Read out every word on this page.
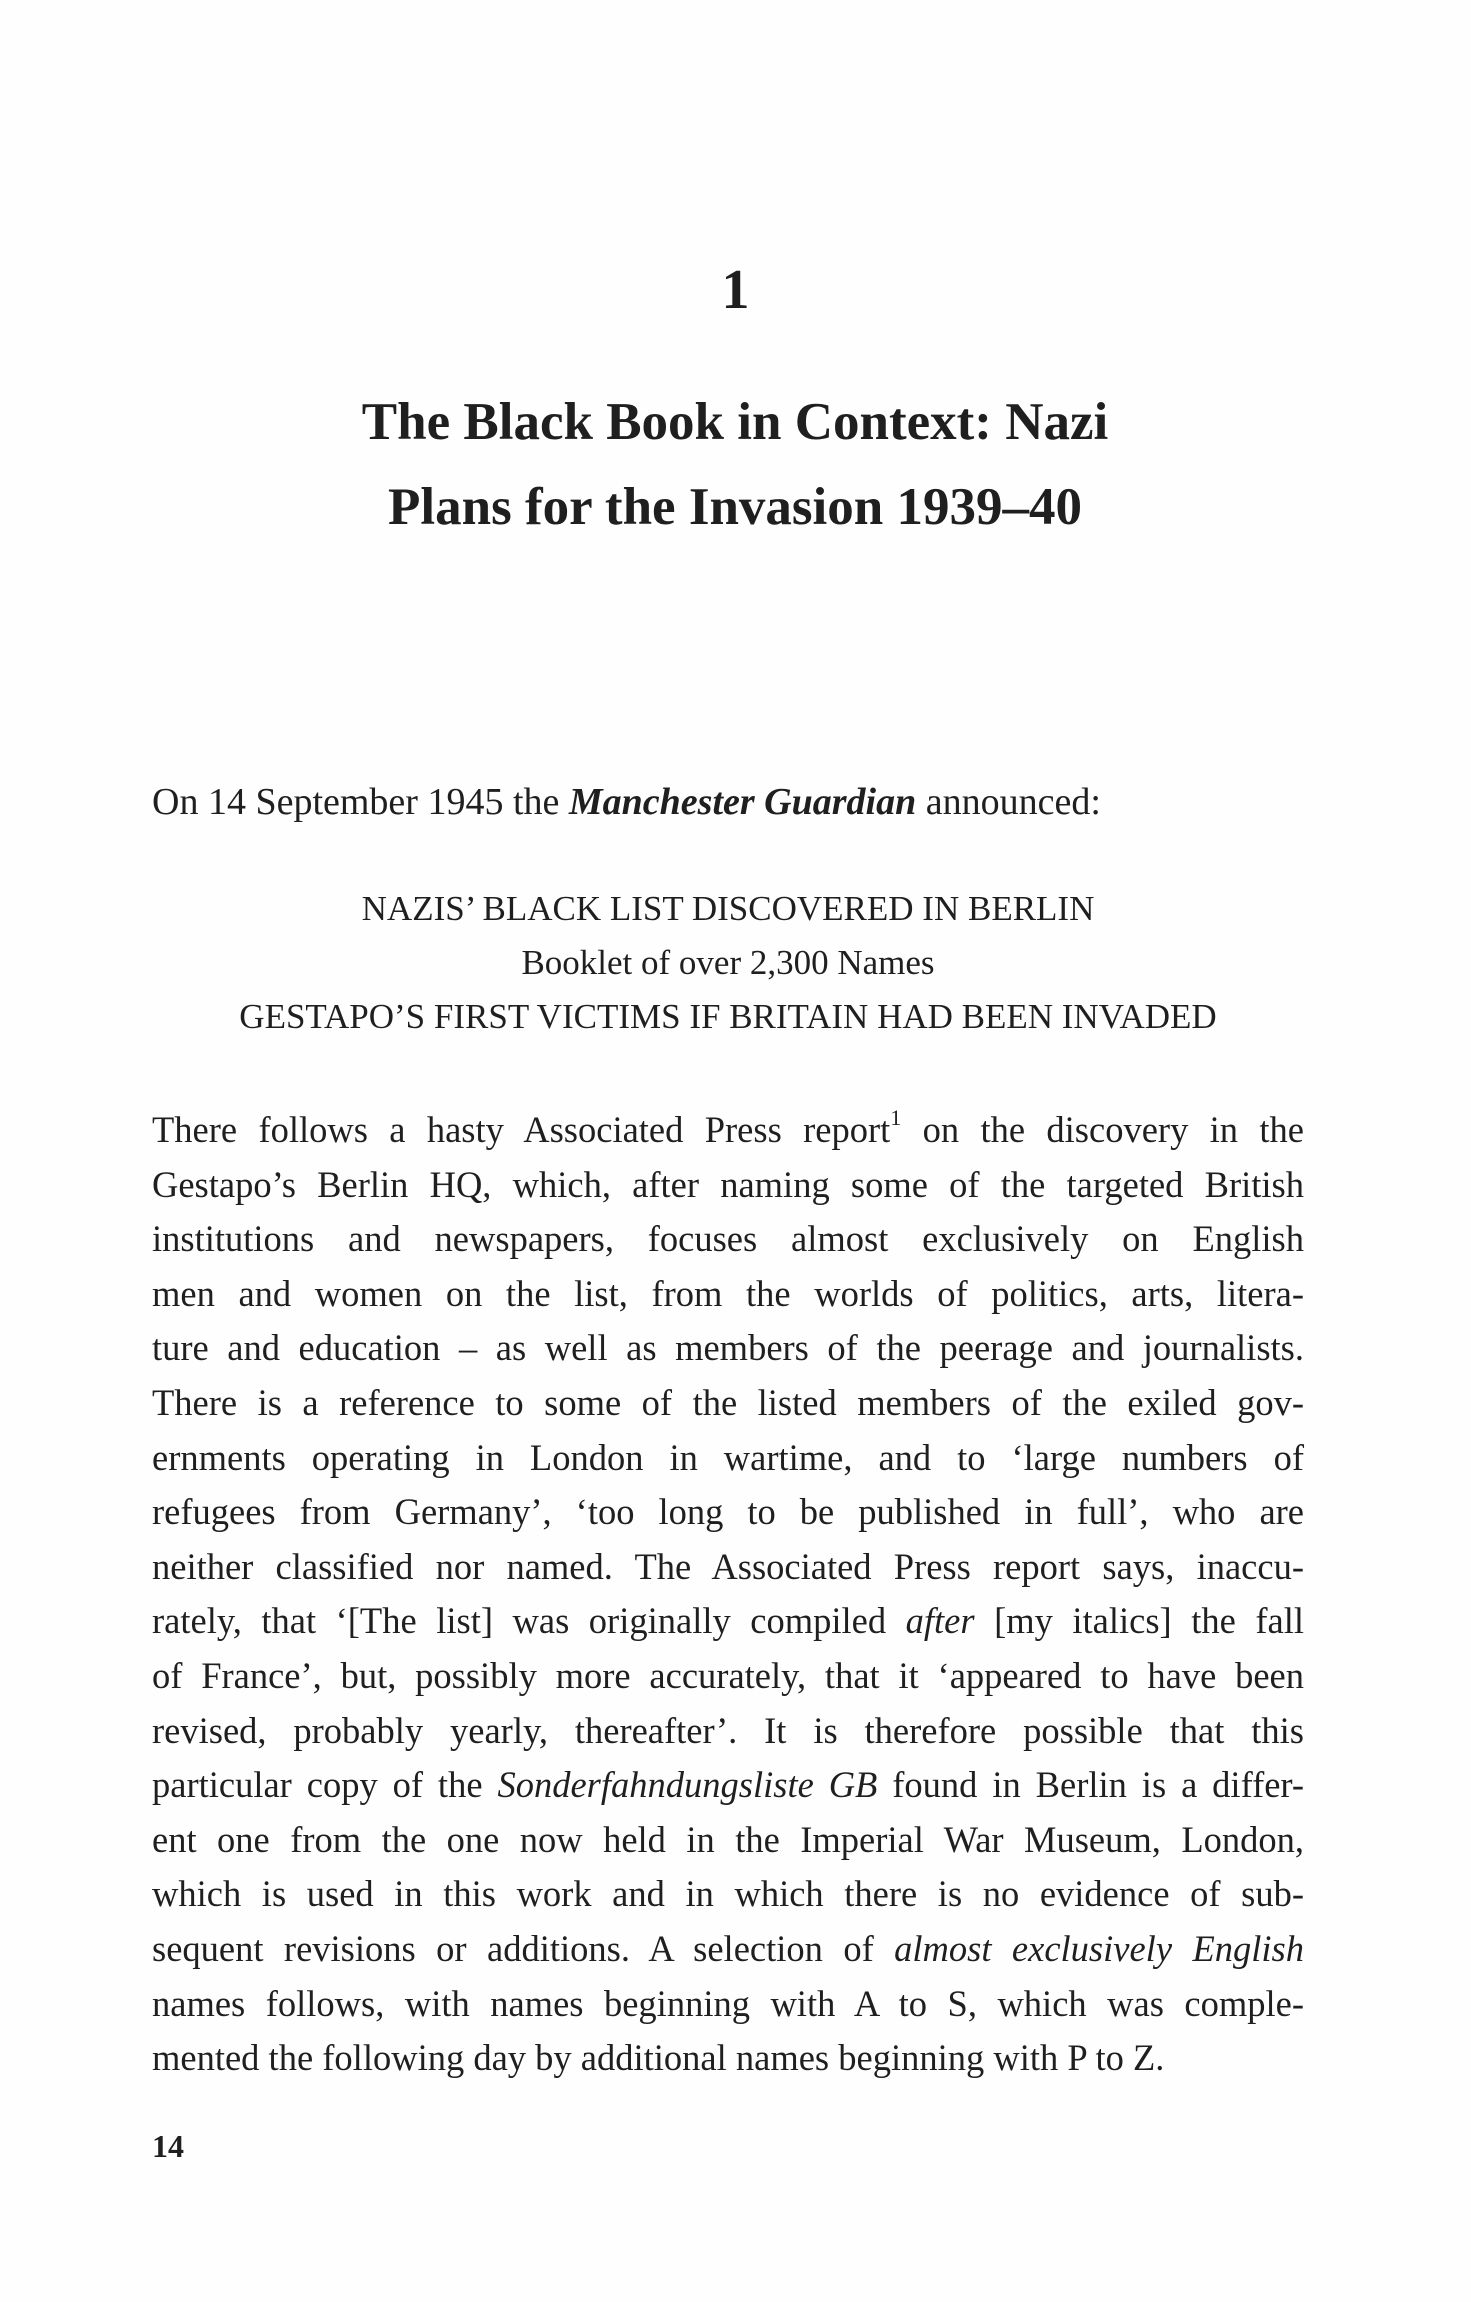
1
The Black Book in Context: Nazi
Plans for the Invasion 1939–40
On 14 September 1945 the Manchester Guardian announced:
NAZIS’ BLACK LIST DISCOVERED IN BERLIN
Booklet of over 2,300 Names
GESTAPO’S FIRST VICTIMS IF BRITAIN HAD BEEN INVADED
There follows a hasty Associated Press report$^1$ on the discovery in the
Gestapo’s Berlin HQ, which, after naming some of the targeted British
institutions and newspapers, focuses almost exclusively on English
men and women on the list, from the worlds of politics, arts, litera-
ture and education – as well as members of the peerage and journalists.
There is a reference to some of the listed members of the exiled gov-
ernments operating in London in wartime, and to ‘large numbers of
refugees from Germany’, ‘too long to be published in full’, who are
neither classified nor named. The Associated Press report says, inaccu-
rately, that ‘[The list] was originally compiled after [my italics] the fall
of France’, but, possibly more accurately, that it ‘appeared to have been
revised, probably yearly, thereafter’. It is therefore possible that this
particular copy of the Sonderfahndungsliste GB found in Berlin is a differ-
ent one from the one now held in the Imperial War Museum, London,
which is used in this work and in which there is no evidence of sub-
sequent revisions or additions. A selection of almost exclusively English
names follows, with names beginning with A to S, which was comple-
mented the following day by additional names beginning with P to Z.
14
